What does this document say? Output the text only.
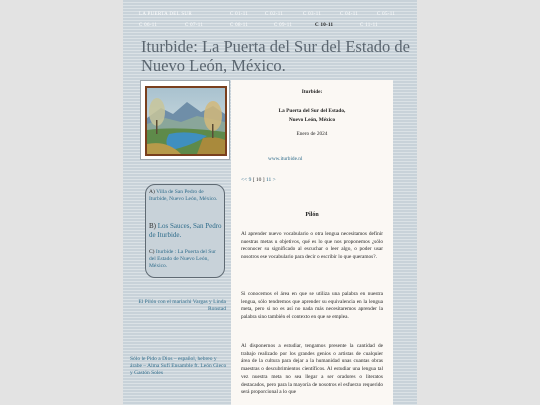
LA PUERTA DEL SUR	C 01-11	C 02-11	C 03-11	C 04-11	C 05-11
C 06-11	C 07-11	C 08-11	C 09-11	C 10-11	C 11-11
Iturbide: La Puerta del Sur del Estado de Nuevo León, México.
A) Villa de San Pedro de Iturbide, Nuevo León, México.
B) Los Sauces, San Pedro de Iturbide.
C) Iturbide : La Puerta del Sur del Estado de Nuevo León, México.
El Pilón con el mariachi Vargas y Linda Ronstad
Sólo le Pido a Dios – español, hebreo y árabe – Alma Sufí Ensamble ft. León Gieco y Gastón Soles
Iturbide:
La Puerta del Sur del Estado,
Nuevo León, México
Enero de 2024
www.iturbide.nl
<< 9 [ 10 ] 11 >
Pilón
Al aprender nuevo vocabulario o otra lengua necesitamos definir nuestras metas u objetivos, qué es lo que nos proponemos ¿sólo reconocer su significado al escuchar o leer algo, o poder usar nosotros ese vocabulario para decir o escribir lo que queramos?.
Si conocemos el área en que se utiliza una palabra en nuestra lengua, sólo tendremos que aprender su equivalencia en la lengua meta, pero si no es así no nada más necesitaremos aprender la palabra sino también el contexto en que se emplea.
Al disponernos a estudiar, tengamos presente la cantidad de trabajo realizado por los grandes genios o artistas de cualquier área de la cultura para dejar a la humanidad unas cuantas obras maestras o descubrimientos científicos. Al estudiar una lengua tal vez nuestra meta no sea llegar a ser oradores o literatos destacados, pero para la mayoría de nosotros el esfuerzo requerido será proporcional a lo que
